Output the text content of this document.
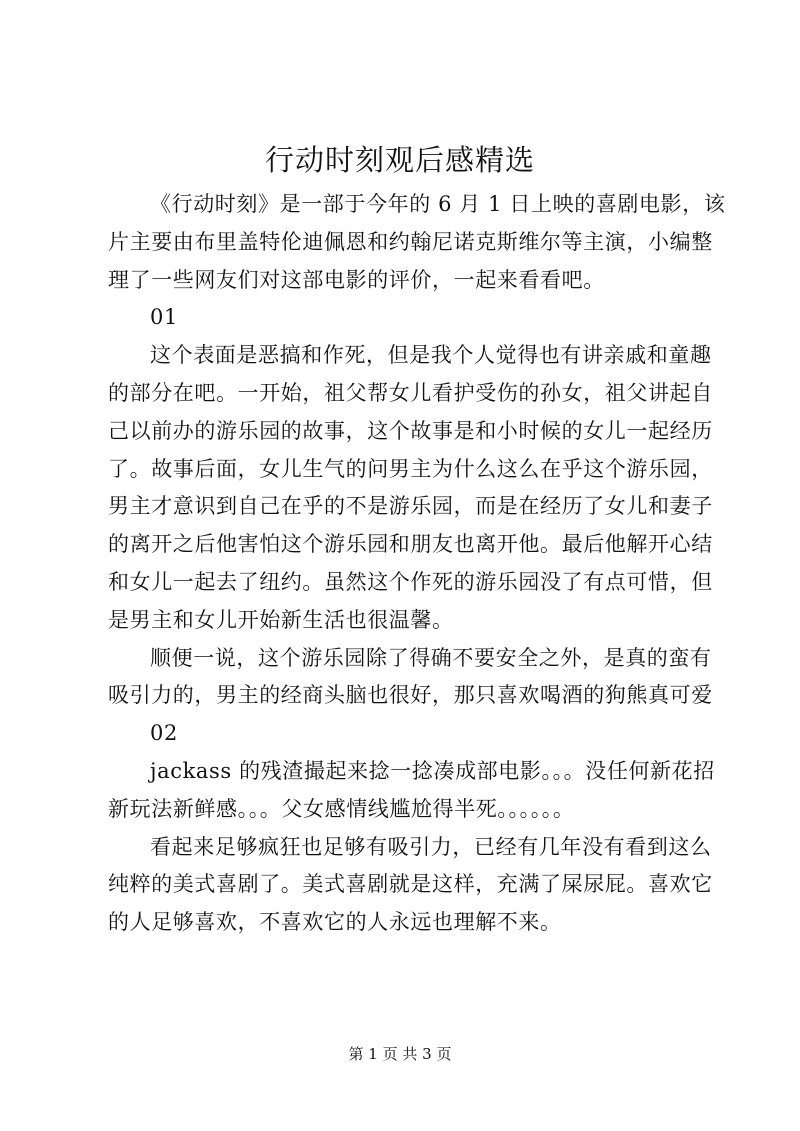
行动时刻观后感精选

《行动时刻》是一部于今年的 6 月 1 日上映的喜剧电影，该
片主要由布里盖特伦迪佩恩和约翰尼诺克斯维尔等主演，小编整
理了一些网友们对这部电影的评价，一起来看看吧。

01

这个表面是恶搞和作死，但是我个人觉得也有讲亲戚和童趣
的部分在吧。一开始，祖父帮女儿看护受伤的孙女，祖父讲起自
己以前办的游乐园的故事，这个故事是和小时候的女儿一起经历
了。故事后面，女儿生气的问男主为什么这么在乎这个游乐园，
男主才意识到自己在乎的不是游乐园，而是在经历了女儿和妻子
的离开之后他害怕这个游乐园和朋友也离开他。最后他解开心结
和女儿一起去了纽约。虽然这个作死的游乐园没了有点可惜，但
是男主和女儿开始新生活也很温馨。

顺便一说，这个游乐园除了得确不要安全之外，是真的蛮有
吸引力的，男主的经商头脑也很好，那只喜欢喝酒的狗熊真可爱

02

jackass 的残渣撮起来捻一捻凑成部电影。。。没任何新花招
新玩法新鲜感。。。父女感情线尴尬得半死。。。。。。

看起来足够疯狂也足够有吸引力，已经有几年没有看到这么
纯粹的美式喜剧了。美式喜剧就是这样，充满了屎尿屁。喜欢它
的人足够喜欢，不喜欢它的人永远也理解不来。

第 1 页 共 3 页
